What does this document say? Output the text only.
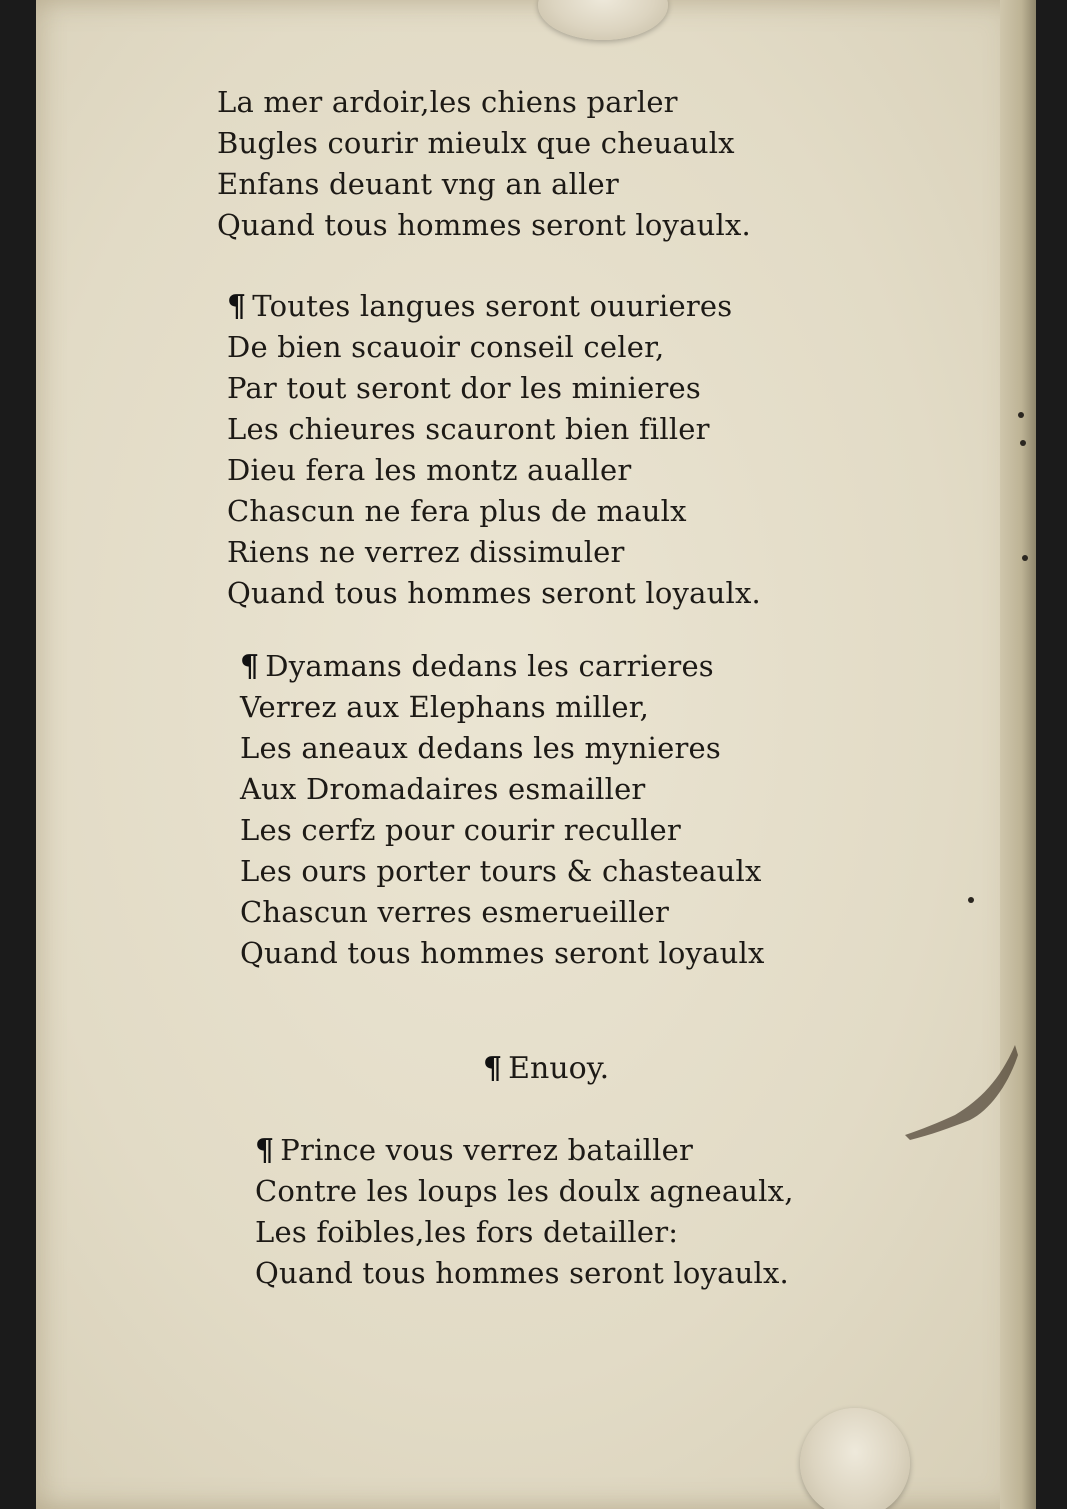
La mer ardoir,les chiens parler
Bugles courir mieulx que cheuaulx
Enfans deuant vng an aller
Quand tous hommes seront loyaulx.
¶ Toutes langues seront ouurieres
De bien scauoir conseil celer,
Par tout seront dor les minieres
Les chieures scauront bien filler
Dieu fera les montz aualler
Chascun ne fera plus de maulx
Riens ne verrez dissimuler
Quand tous hommes seront loyaulx.
¶ Dyamans dedans les carrieres
Verrez aux Elephans miller,
Les aneaux dedans les mynieres
Aux Dromadaires esmailler
Les cerfz pour courir reculler
Les ours porter tours & chasteaulx
Chascun verres esmerueiller
Quand tous hommes seront loyaulx
¶ Enuoy.
¶ Prince vous verrez batailler
Contre les loups les doulx agneaulx,
Les foibles,les fors detailler:
Quand tous hommes seront loyaulx.
